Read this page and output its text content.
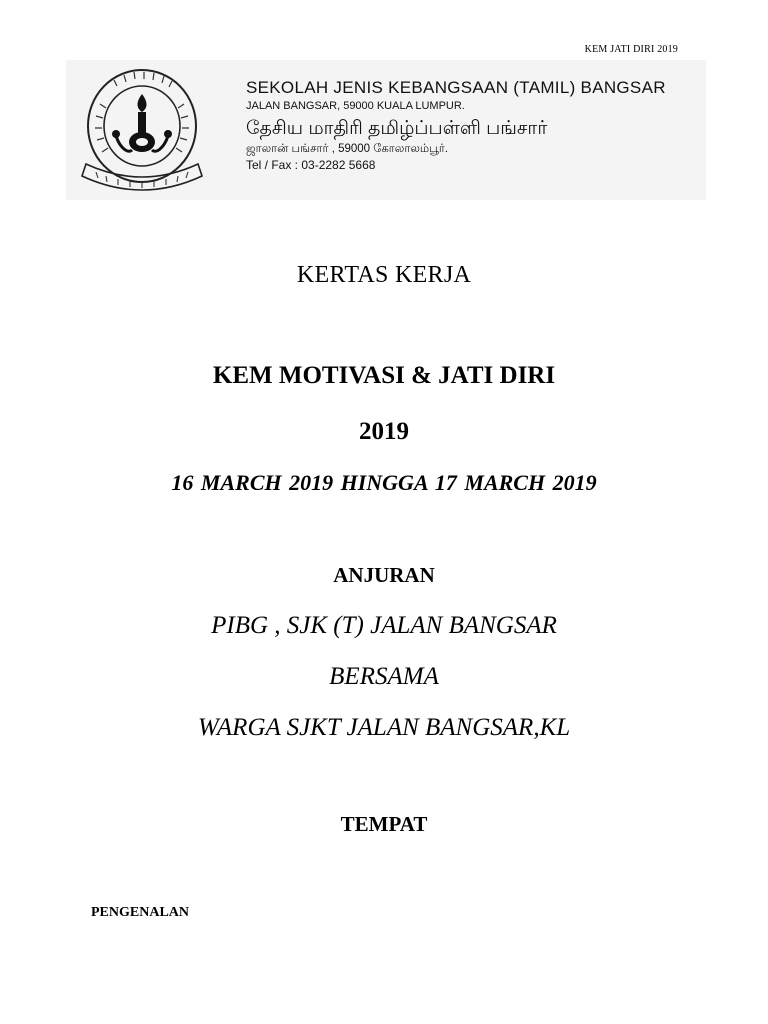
KEM JATI DIRI 2019
SEKOLAH JENIS KEBANGSAAN (TAMIL) BANGSAR
JALAN BANGSAR, 59000 KUALA LUMPUR.
தேசிய மாதிரி தமிழ்ப்பள்ளி பங்சார்
ஜாலான் பங்சார் , 59000 கோலாலம்பூர்.
Tel / Fax : 03-2282 5668
KERTAS KERJA
KEM MOTIVASI & JATI DIRI
2019
16 MARCH 2019 HINGGA 17 MARCH 2019
ANJURAN
PIBG , SJK (T) JALAN BANGSAR
BERSAMA
WARGA SJKT JALAN BANGSAR,KL
TEMPAT
PENGENALAN
